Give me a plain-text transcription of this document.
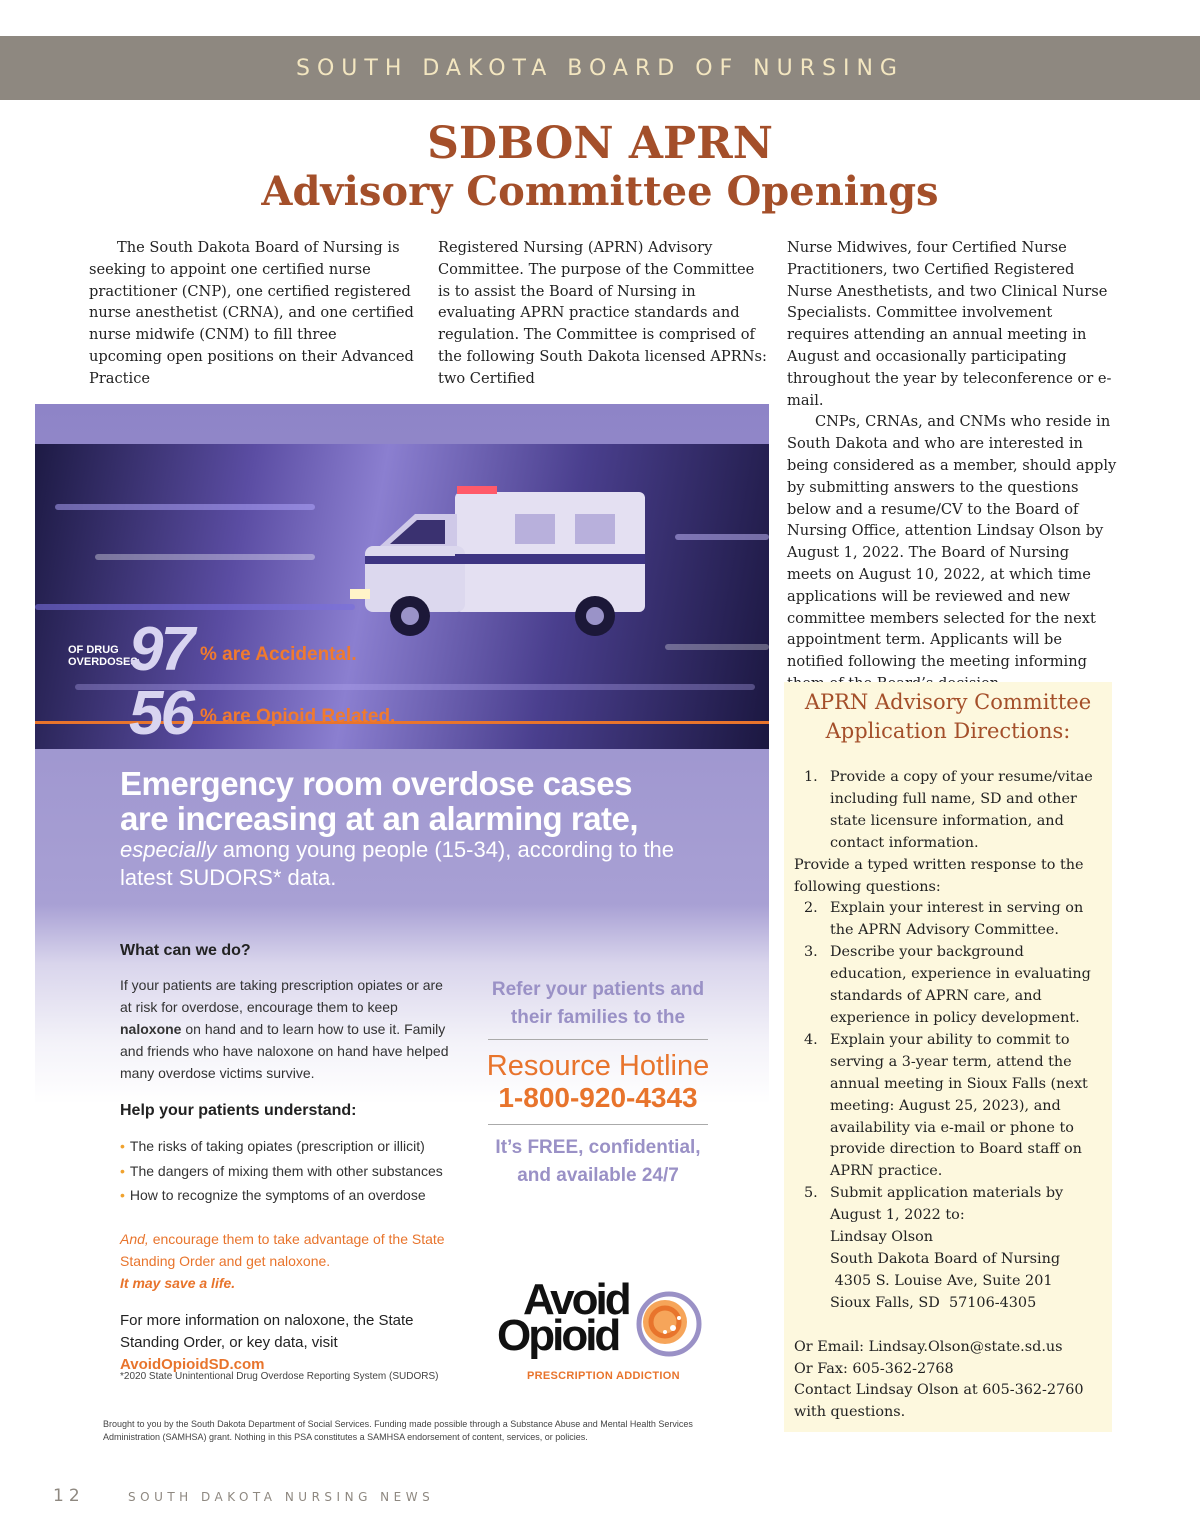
SOUTH DAKOTA BOARD OF NURSING
SDBON APRN
Advisory Committee Openings

The South Dakota Board of Nursing is seeking to appoint one certified nurse practitioner (CNP), one certified registered nurse anesthetist (CRNA), and one certified nurse midwife (CNM) to fill three upcoming open positions on their Advanced Practice

Registered Nursing (APRN) Advisory Committee. The purpose of the Committee is to assist the Board of Nursing in evaluating APRN practice standards and regulation. The Committee is comprised of the following South Dakota licensed APRNs: two Certified

Nurse Midwives, four Certified Nurse Practitioners, two Certified Registered Nurse Anesthetists, and two Clinical Nurse Specialists. Committee involvement requires attending an annual meeting in August and occasionally participating throughout the year by teleconference or e-mail.

CNPs, CRNAs, and CNMs who reside in South Dakota and who are interested in being considered as a member, should apply by submitting answers to the questions below and a resume/CV to the Board of Nursing Office, attention Lindsay Olson by August 1, 2022. The Board of Nursing meets on August 10, 2022, at which time applications will be reviewed and new committee members selected for the next appointment term. Applicants will be notified following the meeting informing

OF DRUG OVERDOSES
97 % are Accidental.
56 % are Opioid Related.
Emergency room overdose cases are increasing at an alarming rate,
especially among young people (15-34), according to the latest SUDORS* data.
What can we do?
If your patients are taking prescription opiates or are at risk for overdose, encourage them to keep naloxone on hand and to learn how to use it. Family and friends who have naloxone on hand have helped many overdose victims survive.
Help your patients understand:
• The risks of taking opiates (prescription or illicit)
• The dangers of mixing them with other substances
• How to recognize the symptoms of an overdose
And, encourage them to take advantage of the State Standing Order and get naloxone.
It may save a life.
For more information on naloxone, the State Standing Order, or key data, visit AvoidOpioidSD.com
*2020 State Unintentional Drug Overdose Reporting System (SUDORS)
Refer your patients and their families to the
Resource Hotline
1-800-920-4343
It’s FREE, confidential, and available 24/7
Avoid
Opioid
PRESCRIPTION ADDICTION
Brought to you by the South Dakota Department of Social Services. Funding made possible through a Substance Abuse and Mental Health Services Administration (SAMHSA) grant. Nothing in this PSA constitutes a SAMHSA endorsement of content, services, or policies.
APRN Advisory Committee Application Directions:
1. Provide a copy of your resume/vitae including full name, SD and other state licensure information, and contact information.

Provide a typed written response to the following questions:

2. Explain your interest in serving on the APRN Advisory Committee.
3. Describe your background education, experience in evaluating standards of APRN care, and experience in policy development.
4. Explain your ability to commit to serving a 3-year term, attend the annual meeting in Sioux Falls (next meeting: August 25, 2023), and availability via e-mail or phone to provide direction to Board staff on APRN practice.
5. Submit application materials by August 1, 2022 to:

Lindsay Olson

South Dakota Board of Nursing

4305 S. Louise Ave, Suite 201

Sioux Falls, SD  57106-4305

Or Email: Lindsay.Olson@state.sd.us

Or Fax: 605-362-2768

Contact Lindsay Olson at 605-362-2760 with questions.

12	SOUTH DAKOTA NURSING NEWS
